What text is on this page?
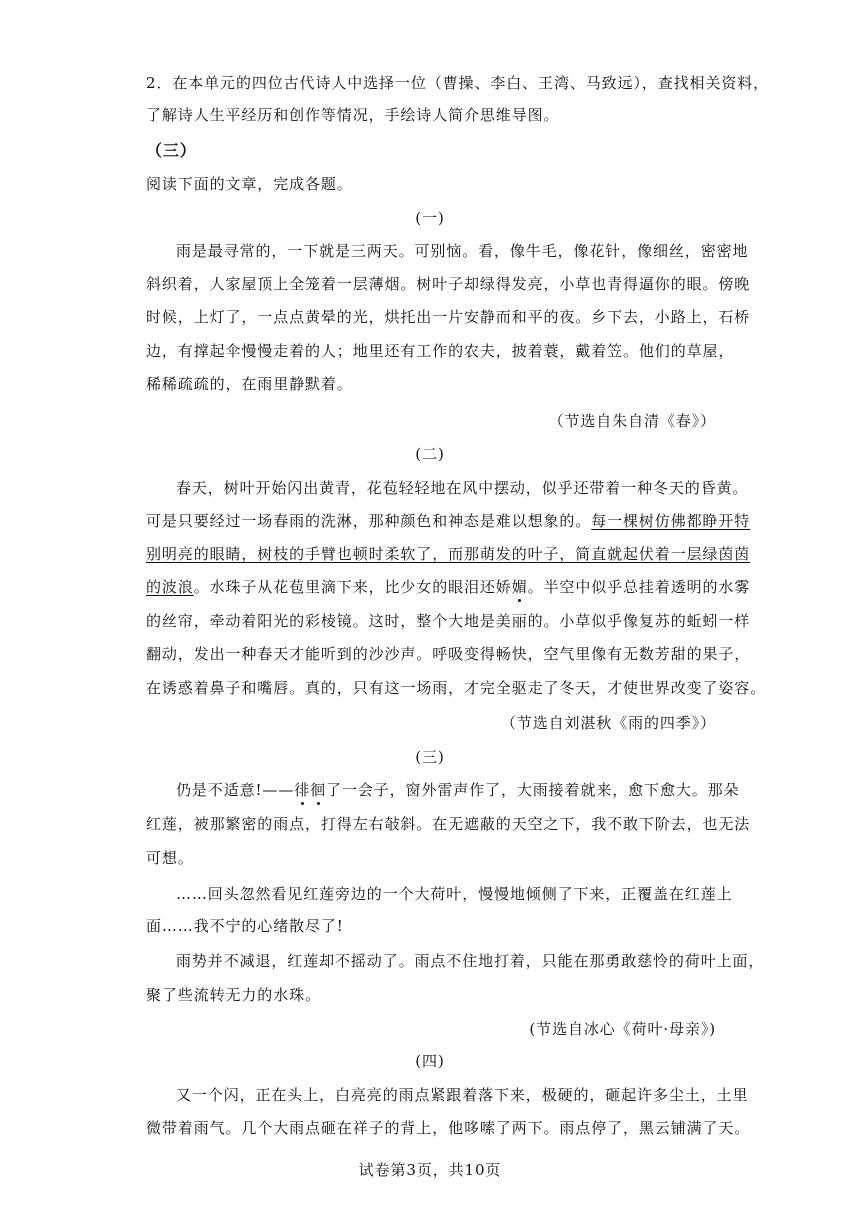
2．在本单元的四位古代诗人中选择一位（曹操、李白、王湾、马致远），查找相关资料，
了解诗人生平经历和创作等情况，手绘诗人简介思维导图。
（三）
阅读下面的文章，完成各题。
(一)
雨是最寻常的，一下就是三两天。可别恼。看，像牛毛，像花针，像细丝，密密地
斜织着，人家屋顶上全笼着一层薄烟。树叶子却绿得发亮，小草也青得逼你的眼。傍晚
时候，上灯了，一点点黄晕的光，烘托出一片安静而和平的夜。乡下去，小路上，石桥
边，有撑起伞慢慢走着的人；地里还有工作的农夫，披着蓑，戴着笠。他们的草屋，
稀稀疏疏的，在雨里静默着。
（节选自朱自清《春》）
(二)
春天，树叶开始闪出黄青，花苞轻轻地在风中摆动，似乎还带着一种冬天的昏黄。
可是只要经过一场春雨的洗淋，那种颜色和神态是难以想象的。每一棵树仿佛都睁开特
别明亮的眼睛，树枝的手臂也顿时柔软了，而那萌发的叶子，简直就起伏着一层绿茵茵
的波浪。水珠子从花苞里滴下来，比少女的眼泪还娇媚。半空中似乎总挂着透明的水雾
的丝帘，牵动着阳光的彩棱镜。这时，整个大地是美丽的。小草似乎像复苏的蚯蚓一样
翻动，发出一种春天才能听到的沙沙声。呼吸变得畅快，空气里像有无数芳甜的果子，
在诱惑着鼻子和嘴唇。真的，只有这一场雨，才完全驱走了冬天，才使世界改变了姿容。
（节选自刘湛秋《雨的四季》）
(三)
仍是不适意!——徘徊了一会子，窗外雷声作了，大雨接着就来，愈下愈大。那朵
红莲，被那繁密的雨点，打得左右敧斜。在无遮蔽的天空之下，我不敢下阶去，也无法
可想。
……回头忽然看见红莲旁边的一个大荷叶，慢慢地倾侧了下来，正覆盖在红莲上
面……我不宁的心绪散尽了!
雨势并不减退，红莲却不摇动了。雨点不住地打着，只能在那勇敢慈怜的荷叶上面，
聚了些流转无力的水珠。
(节选自冰心《荷叶·母亲》)
(四)
又一个闪，正在头上，白亮亮的雨点紧跟着落下来，极硬的，砸起许多尘土，土里
微带着雨气。几个大雨点砸在祥子的背上，他哆嗦了两下。雨点停了，黑云铺满了天。
试卷第3页，共10页
